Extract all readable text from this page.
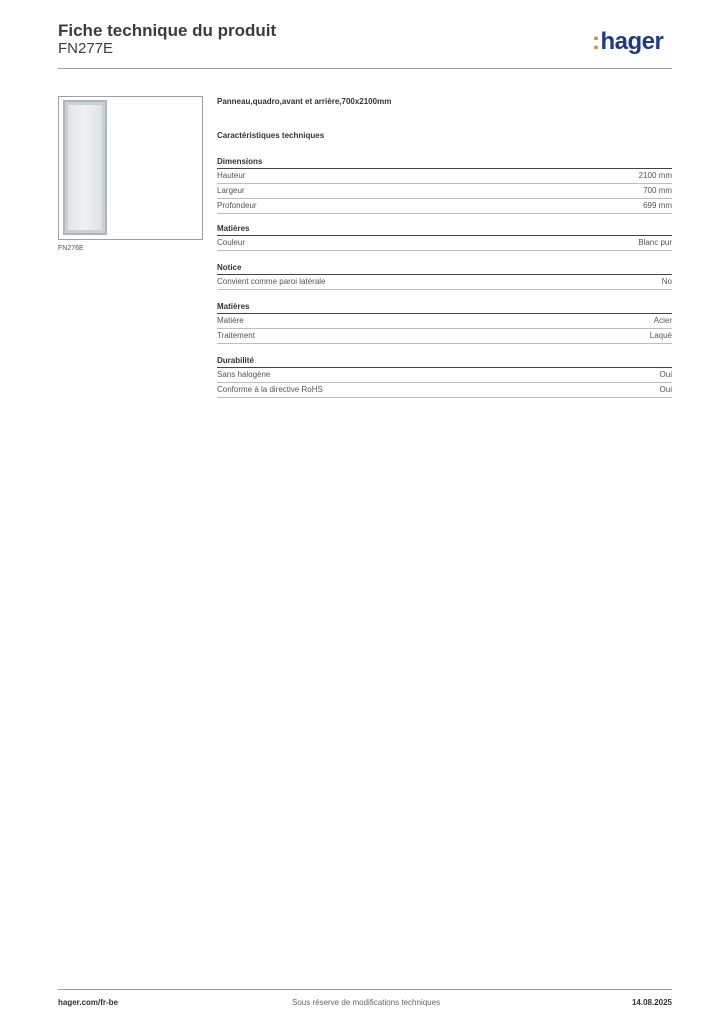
Fiche technique du produit
FN277E	:hager
FN276E
Panneau,quadro,avant et arrière,700x2100mm
Caractéristiques techniques
Dimensions
Hauteur	2100 mm
Largeur	700 mm
Profondeur	699 mm
Matières
Couleur	Blanc pur
Notice
Convient comme paroi latérale	No
Matières
Matière	Acier
Traitement	Laqué
Durabilité
Sans halogène	Oui
Conforme à la directive RoHS	Oui
hager.com/fr-be	Sous réserve de modifications techniques	14.08.2025
